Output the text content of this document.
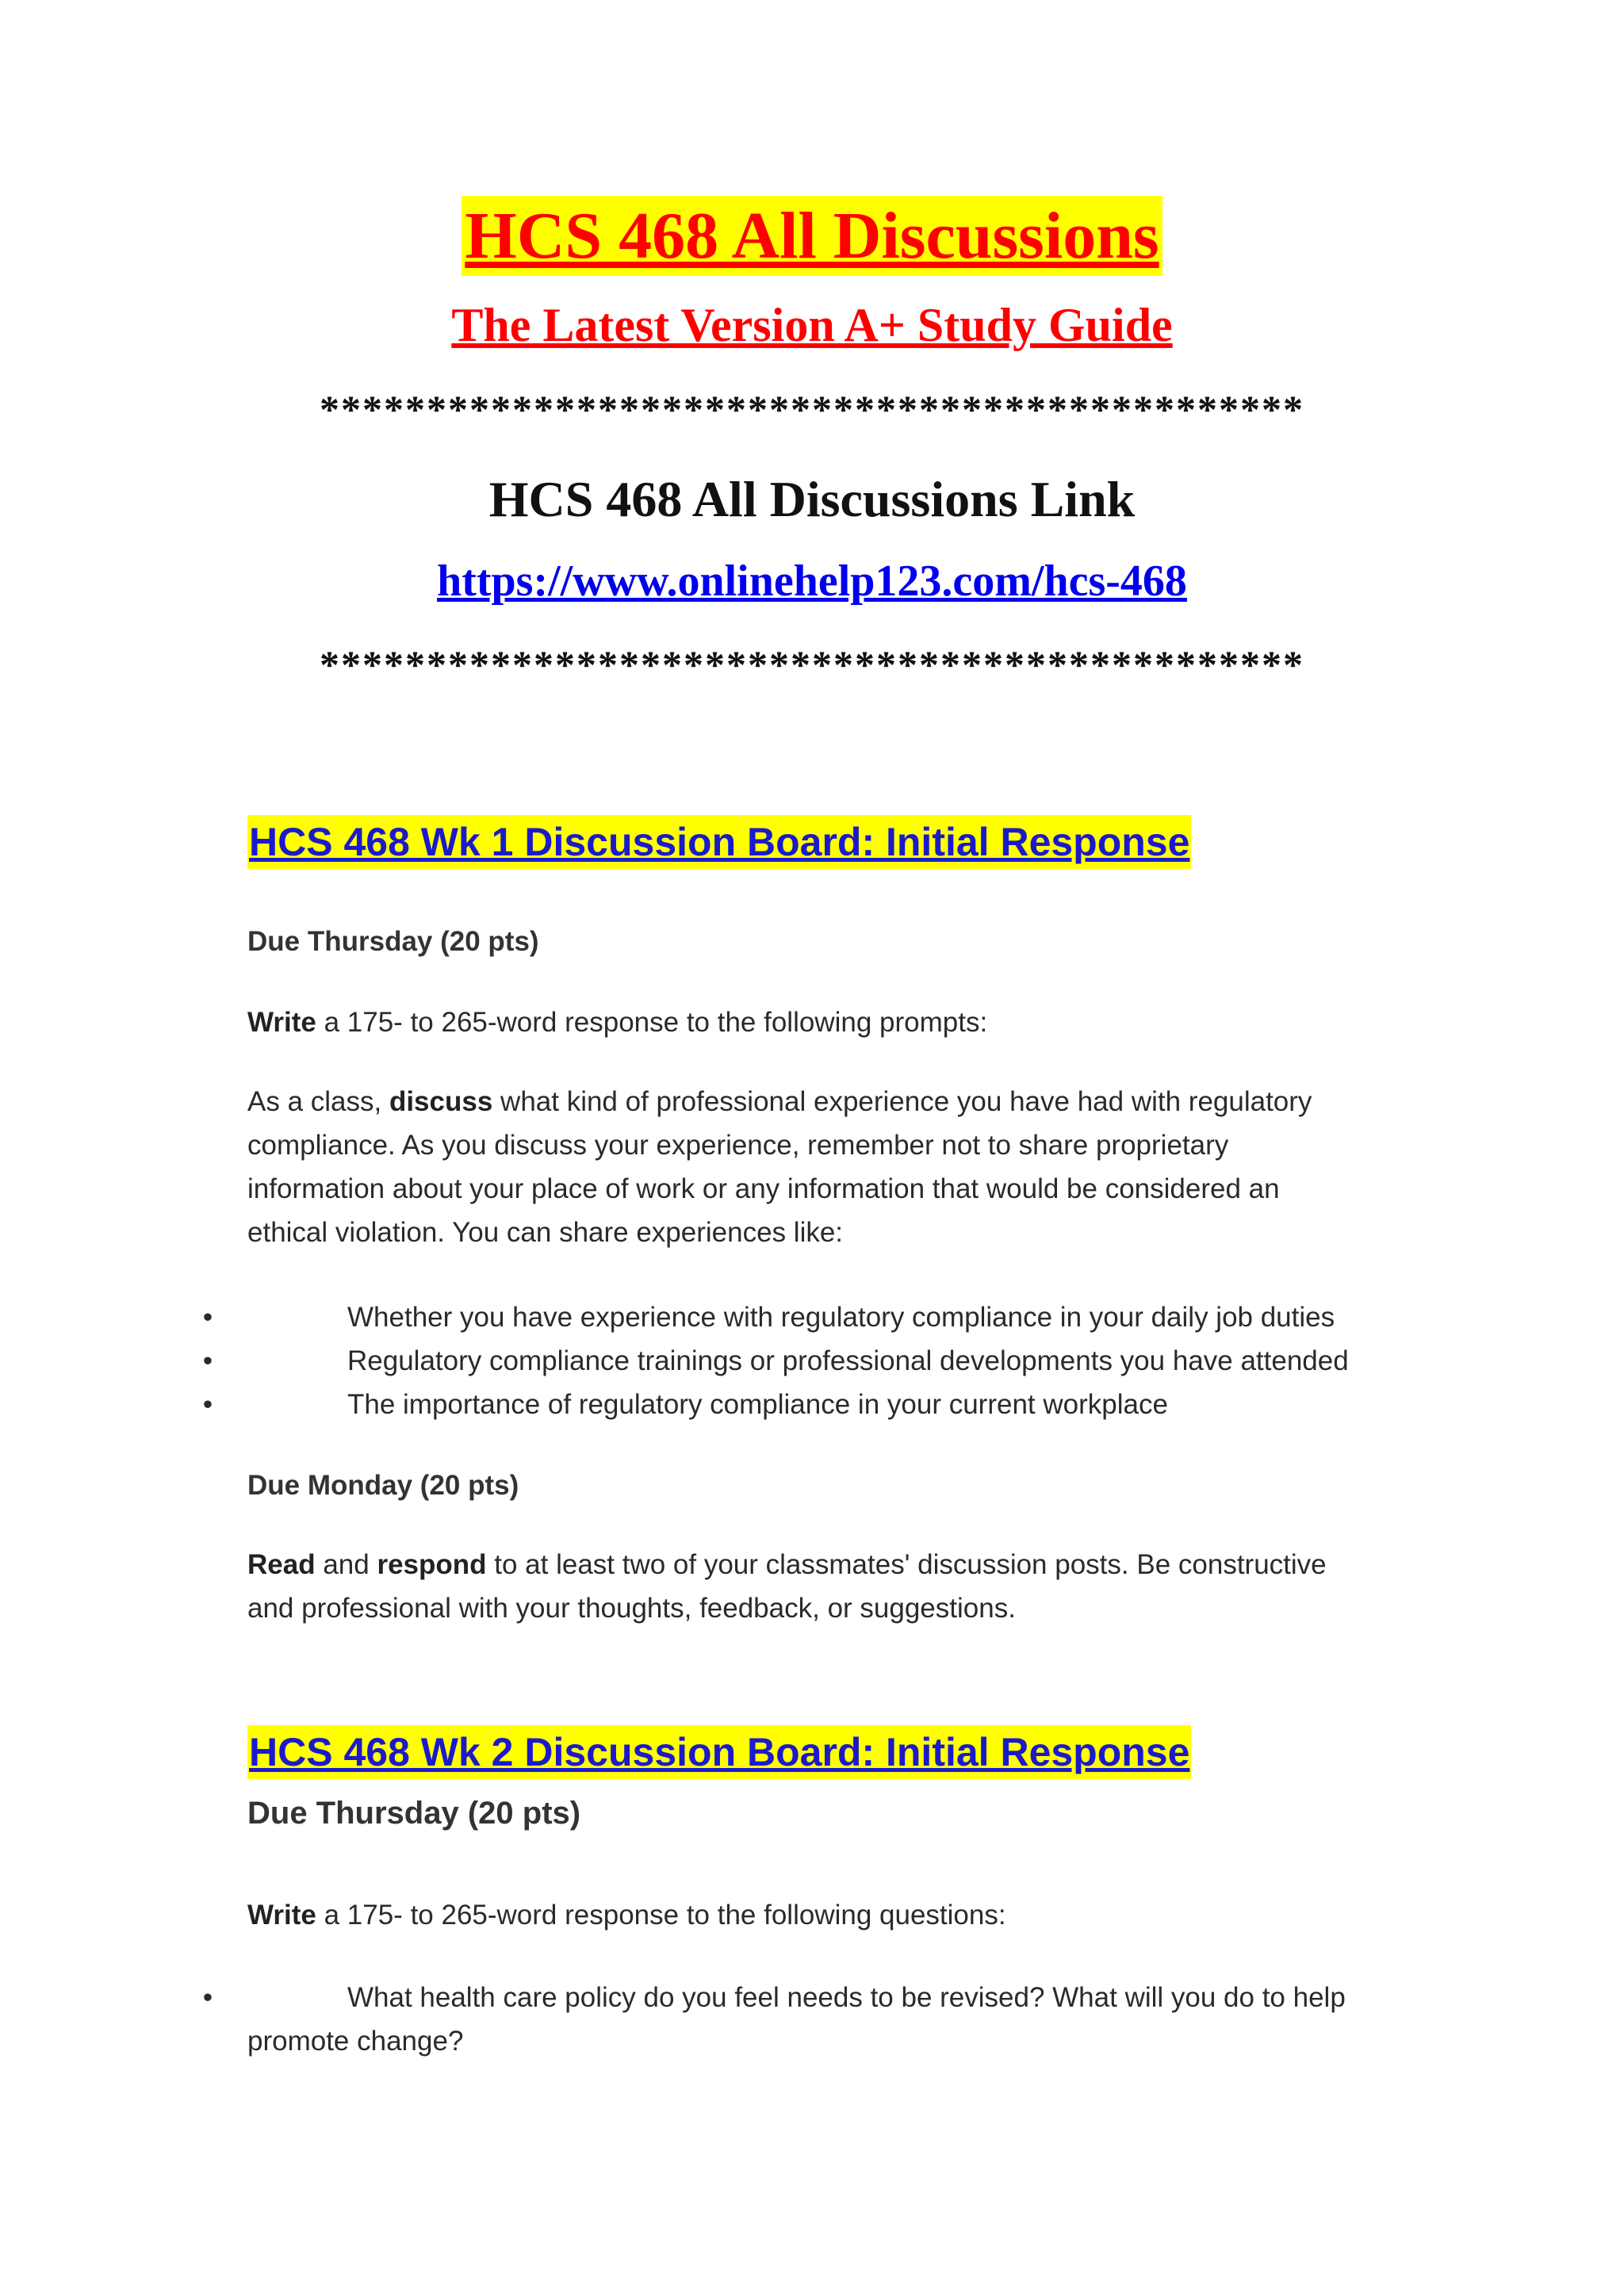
HCS 468 All Discussions
The Latest Version A+ Study Guide
**********************************************
HCS 468 All Discussions Link
https://www.onlinehelp123.com/hcs-468
**********************************************
HCS 468 Wk 1 Discussion Board: Initial Response
Due Thursday (20 pts)
Write a 175- to 265-word response to the following prompts:
As a class, discuss what kind of professional experience you have had with regulatory
compliance. As you discuss your experience, remember not to share proprietary
information about your place of work or any information that would be considered an
ethical violation. You can share experiences like:
•	Whether you have experience with regulatory compliance in your daily job duties
•	Regulatory compliance trainings or professional developments you have attended
•	The importance of regulatory compliance in your current workplace
Due Monday (20 pts)
Read and respond to at least two of your classmates' discussion posts. Be constructive
and professional with your thoughts, feedback, or suggestions.
HCS 468 Wk 2 Discussion Board: Initial Response
Due Thursday (20 pts)
Write a 175- to 265-word response to the following questions:
•	What health care policy do you feel needs to be revised? What will you do to help
promote change?
